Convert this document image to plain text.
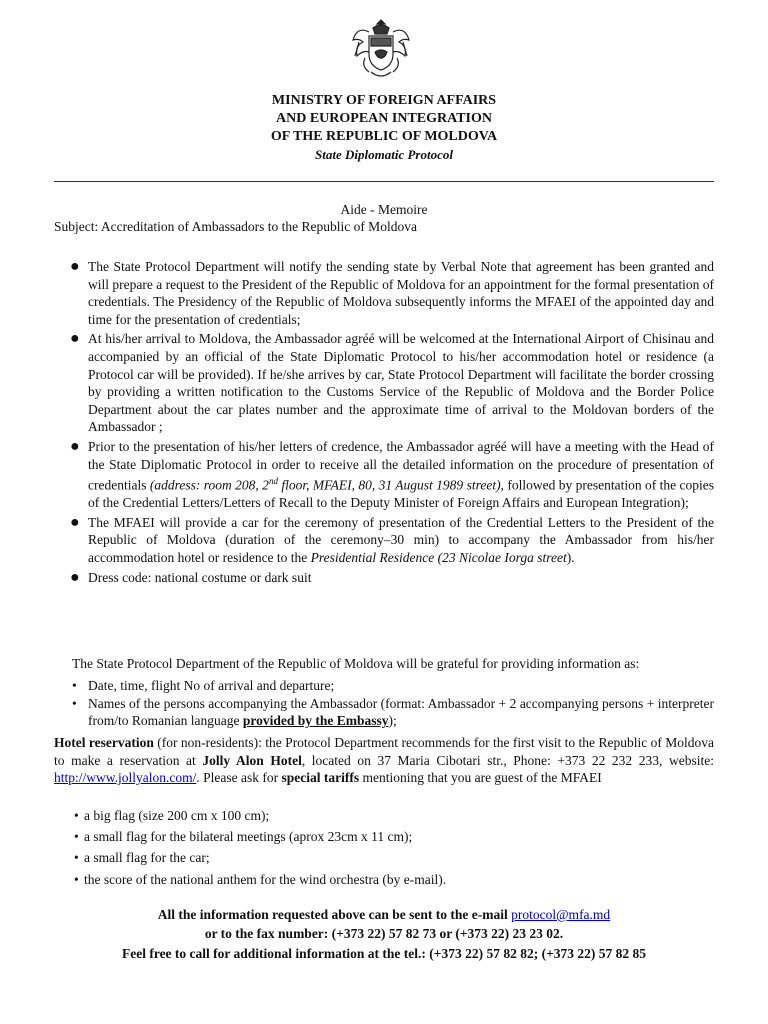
MINISTRY OF FOREIGN AFFAIRS
AND EUROPEAN INTEGRATION
OF THE REPUBLIC OF MOLDOVA
State Diplomatic Protocol
Aide - Memoire
Subject: Accreditation of Ambassadors to the Republic of Moldova
● The State Protocol Department will notify the sending state by Verbal Note that agreement has been granted and will prepare a request to the President of the Republic of Moldova for an appointment for the formal presentation of credentials. The Presidency of the Republic of Moldova subsequently informs the MFAEI of the appointed day and time for the presentation of credentials;
● At his/her arrival to Moldova, the Ambassador agréé will be welcomed at the International Airport of Chisinau and accompanied by an official of the State Diplomatic Protocol to his/her accommodation hotel or residence (a Protocol car will be provided). If he/she arrives by car, State Protocol Department will facilitate the border crossing by providing a written notification to the Customs Service of the Republic of Moldova and the Border Police Department about the car plates number and the approximate time of arrival to the Moldovan borders of the Ambassador ;
● Prior to the presentation of his/her letters of credence, the Ambassador agréé will have a meeting with the Head of the State Diplomatic Protocol in order to receive all the detailed information on the procedure of presentation of credentials (address: room 208, 2nd floor, MFAEI, 80, 31 August 1989 street), followed by presentation of the copies of the Credential Letters/Letters of Recall to the Deputy Minister of Foreign Affairs and European Integration);
● The MFAEI will provide a car for the ceremony of presentation of the Credential Letters to the President of the Republic of Moldova (duration of the ceremony–30 min) to accompany the Ambassador from his/her accommodation hotel or residence to the Presidential Residence (23 Nicolae Iorga street).
● Dress code: national costume or dark suit
The State Protocol Department of the Republic of Moldova will be grateful for providing information as:
• Date, time, flight No of arrival and departure;
• Names of the persons accompanying the Ambassador (format: Ambassador + 2 accompanying persons + interpreter from/to Romanian language provided by the Embassy);
Hotel reservation (for non-residents): the Protocol Department recommends for the first visit to the Republic of Moldova to make a reservation at Jolly Alon Hotel, located on 37 Maria Cibotari str., Phone: +373 22 232 233, website: http://www.jollyalon.com/. Please ask for special tariffs mentioning that you are guest of the MFAEI
• a big flag (size 200 cm x 100 cm);
• a small flag for the bilateral meetings (aprox 23cm x 11 cm);
• a small flag for the car;
• the score of the national anthem for the wind orchestra (by e-mail).
All the information requested above can be sent to the e-mail protocol@mfa.md
or to the fax number: (+373 22) 57 82 73 or (+373 22) 23 23 02.
Feel free to call for additional information at the tel.: (+373 22) 57 82 82; (+373 22) 57 82 85
